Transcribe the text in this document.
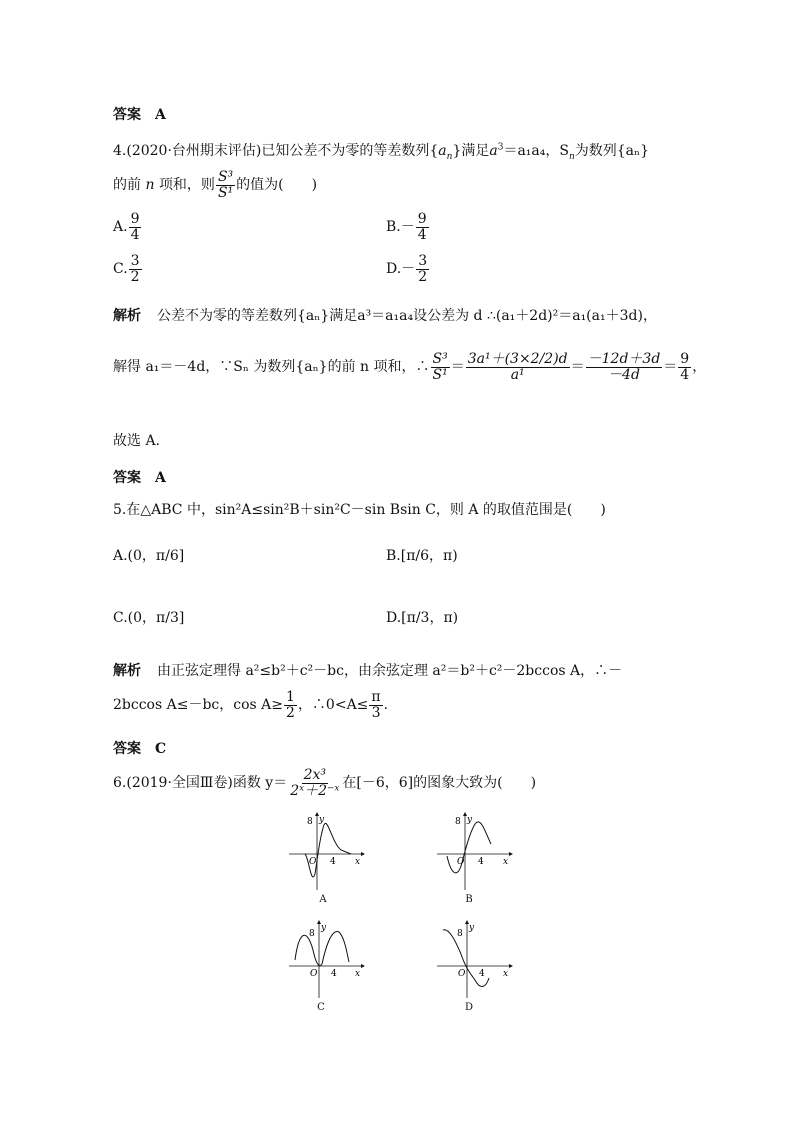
答案 A
4.(2020·台州期末评估)已知公差不为零的等差数列$\{a_n\}$满足$a^3=a_1a_4$，$S_n$为数列{aₙ}
的前 n 项和，则 $\frac{\text{S³}}{\text{S¹}}$ 的值为(　　)
A. $\frac{9}{4}$	$B.- \frac{9}{4}$
C. $\frac{3}{2}$	$D.- \frac{3}{2}$
解析 公差不为零的等差数列{aₙ}满足a³＝a₁a₄设公差为 d ∴(a₁＋2d)²＝a₁(a₁＋3d)，
解得 a₁＝－4d，∵Sₙ 为数列{aₙ}的前 n 项和，∴ $\frac{\text{S³}}{\text{S¹}} = \frac{\text{3a¹＋(3×2/2)d}}{\text{a¹}} = \frac{-12d+3d}{-4d} = \frac{9}{4}$ ，
故选 A.
答案 A
5.在△ABC 中，sin²A≤sin²B＋sin²C－sin Bsin C，则 A 的取值范围是(　　)
A.(0，π/6]	B.[π/6，π)
C.(0，π/3]	D.[π/3，π)
解析 由正弦定理得 a²≤b²＋c²－bc，由余弦定理 a²＝b²＋c²－2bccos A，∴－
2bccos A≤－bc，$\cos A\ge \frac{1}{2}$ ，∴0<A≤ $\frac{\pi}{3}$ .
答案 C
6.(2019·全国Ⅲ卷)函数 $y= \frac{\text{2x³}}{\text{2ˣ＋2⁻ˣ}}$ 在[－6，6]的图象大致为(　　)
8
O 4 x
y
A
8
O 4 x
y
B
8
O 4 x
y
C
8
O 4 x
y
D
